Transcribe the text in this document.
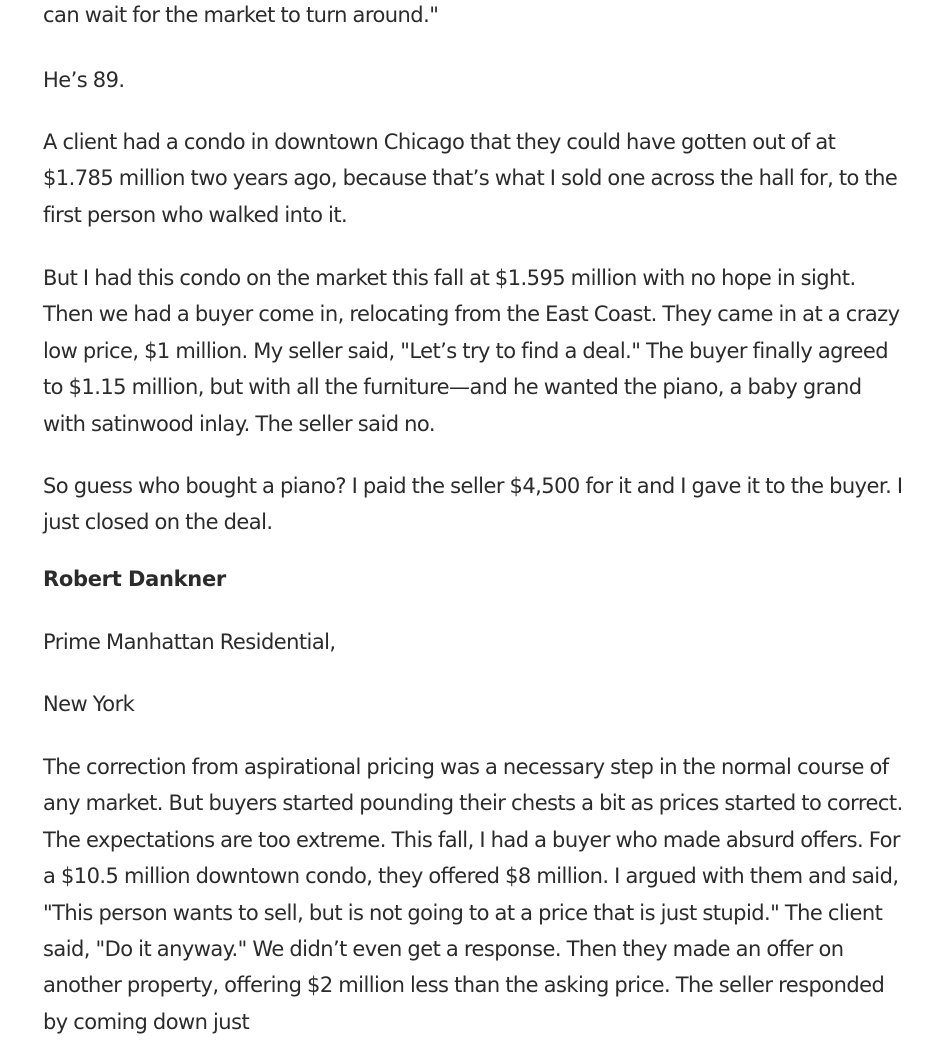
can wait for the market to turn around."

He’s 89.

A client had a condo in downtown Chicago that they could have gotten out of at $1.785 million two years ago, because that’s what I sold one across the hall for, to the first person who walked into it.

But I had this condo on the market this fall at $1.595 million with no hope in sight. Then we had a buyer come in, relocating from the East Coast. They came in at a crazy low price, $1 million. My seller said, "Let’s try to find a deal." The buyer finally agreed to $1.15 million, but with all the furniture—and he wanted the piano, a baby grand with satinwood inlay. The seller said no.

So guess who bought a piano? I paid the seller $4,500 for it and I gave it to the buyer. I just closed on the deal.

Robert Dankner

Prime Manhattan Residential,

New York

The correction from aspirational pricing was a necessary step in the normal course of any market. But buyers started pounding their chests a bit as prices started to correct. The expectations are too extreme. This fall, I had a buyer who made absurd offers. For a $10.5 million downtown condo, they offered $8 million. I argued with them and said, "This person wants to sell, but is not going to at a price that is just stupid." The client said, "Do it anyway." We didn’t even get a response. Then they made an offer on another property, offering $2 million less than the asking price. The seller responded by coming down just
